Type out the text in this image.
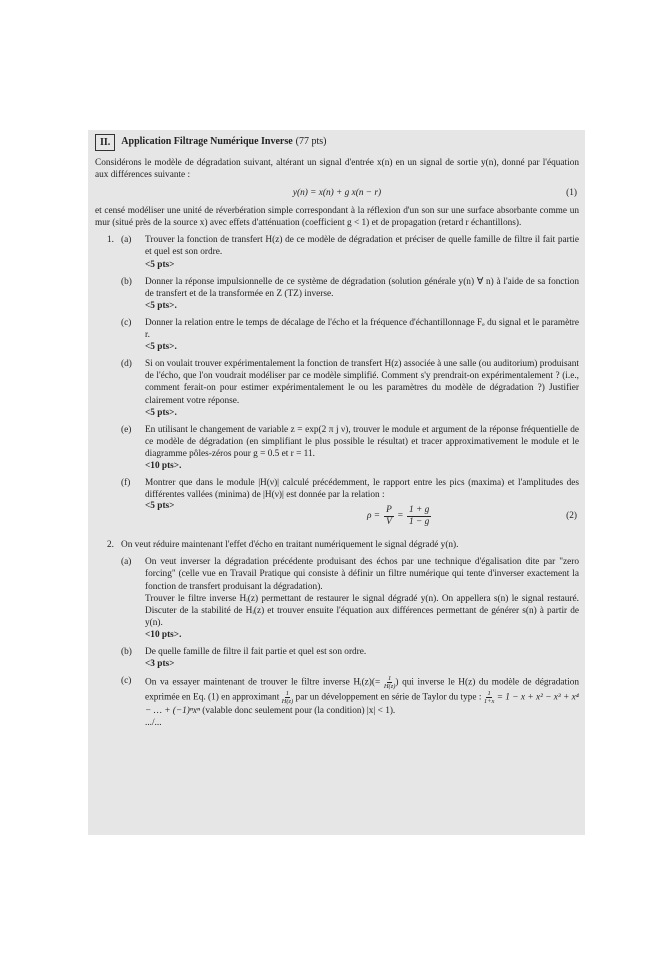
II.	Application Filtrage Numérique Inverse (77 pts)

Considérons le modèle de dégradation suivant, altérant un signal d'entrée x(n) en un signal de sortie y(n), donné par l'équation aux différences suivante :

y(n) = x(n) + g x(n − r)	(1)

et censé modéliser une unité de réverbération simple correspondant à la réflexion d'un son sur une surface absorbante comme un mur (situé près de la source x) avec effets d'atténuation (coefficient g < 1) et de propagation (retard r échantillons).

1. (a) Trouver la fonction de transfert H(z) de ce modèle de dégradation et préciser de quelle famille de filtre il fait partie et quel est son ordre.

<5 pts>

(b) Donner la réponse impulsionnelle de ce système de dégradation (solution générale y(n) ∀ n) à l'aide de sa fonction de transfert et de la transformée en Z (TZ) inverse.

<5 pts>.

(c) Donner la relation entre le temps de décalage de l'écho et la fréquence d'échantillonnage Fₑ du signal et le paramètre r.

<5 pts>.

(d) Si on voulait trouver expérimentalement la fonction de transfert H(z) associée à une salle (ou auditorium) produisant de l'écho, que l'on voudrait modéliser par ce modèle simplifié. Comment s'y prendrait-on expérimentalement ? (i.e., comment ferait-on pour estimer expérimentalement le ou les paramètres du modèle de dégradation ?) Justifier clairement votre réponse.

<5 pts>.

(e) En utilisant le changement de variable z = exp(2 π j ν), trouver le module et argument de la réponse fréquentielle de ce modèle de dégradation (en simplifiant le plus possible le résultat) et tracer approximativement le module et le diagramme pôles-zéros pour g = 0.5 et r = 11.

<10 pts>.

(f) Montrer que dans le module |H(ν)| calculé précédemment, le rapport entre les pics (maxima) et l'amplitudes des différentes vallées (minima) de |H(ν)| est donnée par la relation :

<5 pts>
$\rho = \frac{P}{V} = \frac{1 + g}{1 - g}$	(2)
2. On veut réduire maintenant l'effet d'écho en traitant numériquement le signal dégradé y(n).

(a) On veut inverser la dégradation précédente produisant des échos par une technique d'égalisation dite par "zero forcing" (celle vue en Travail Pratique qui consiste à définir un filtre numérique qui tente d'inverser exactement la fonction de transfert produisant la dégradation).

Trouver le filtre inverse Hᵢ(z) permettant de restaurer le signal dégradé y(n). On appellera s(n) le signal restauré. Discuter de la stabilité de Hᵢ(z) et trouver ensuite l'équation aux différences permettant de générer s(n) à partir de y(n).

<10 pts>.

(b) De quelle famille de filtre il fait partie et quel est son ordre.

<3 pts>

(c) On va essayer maintenant de trouver le filtre inverse Hᵢ(z)(= $\frac{1}{H(z)}$ ) qui inverse le H(z) du modèle de dégradation exprimée en Eq. (1) en approximant $\frac{1}{H(z)}$ par un développement en série de Taylor du type : $\frac{1}{1+x} = 1 - x + x^2 - x^3 + x^4$ − … + (−1)ⁿxⁿ (valable donc seulement pour (la condition) |x| < 1).

.../...
